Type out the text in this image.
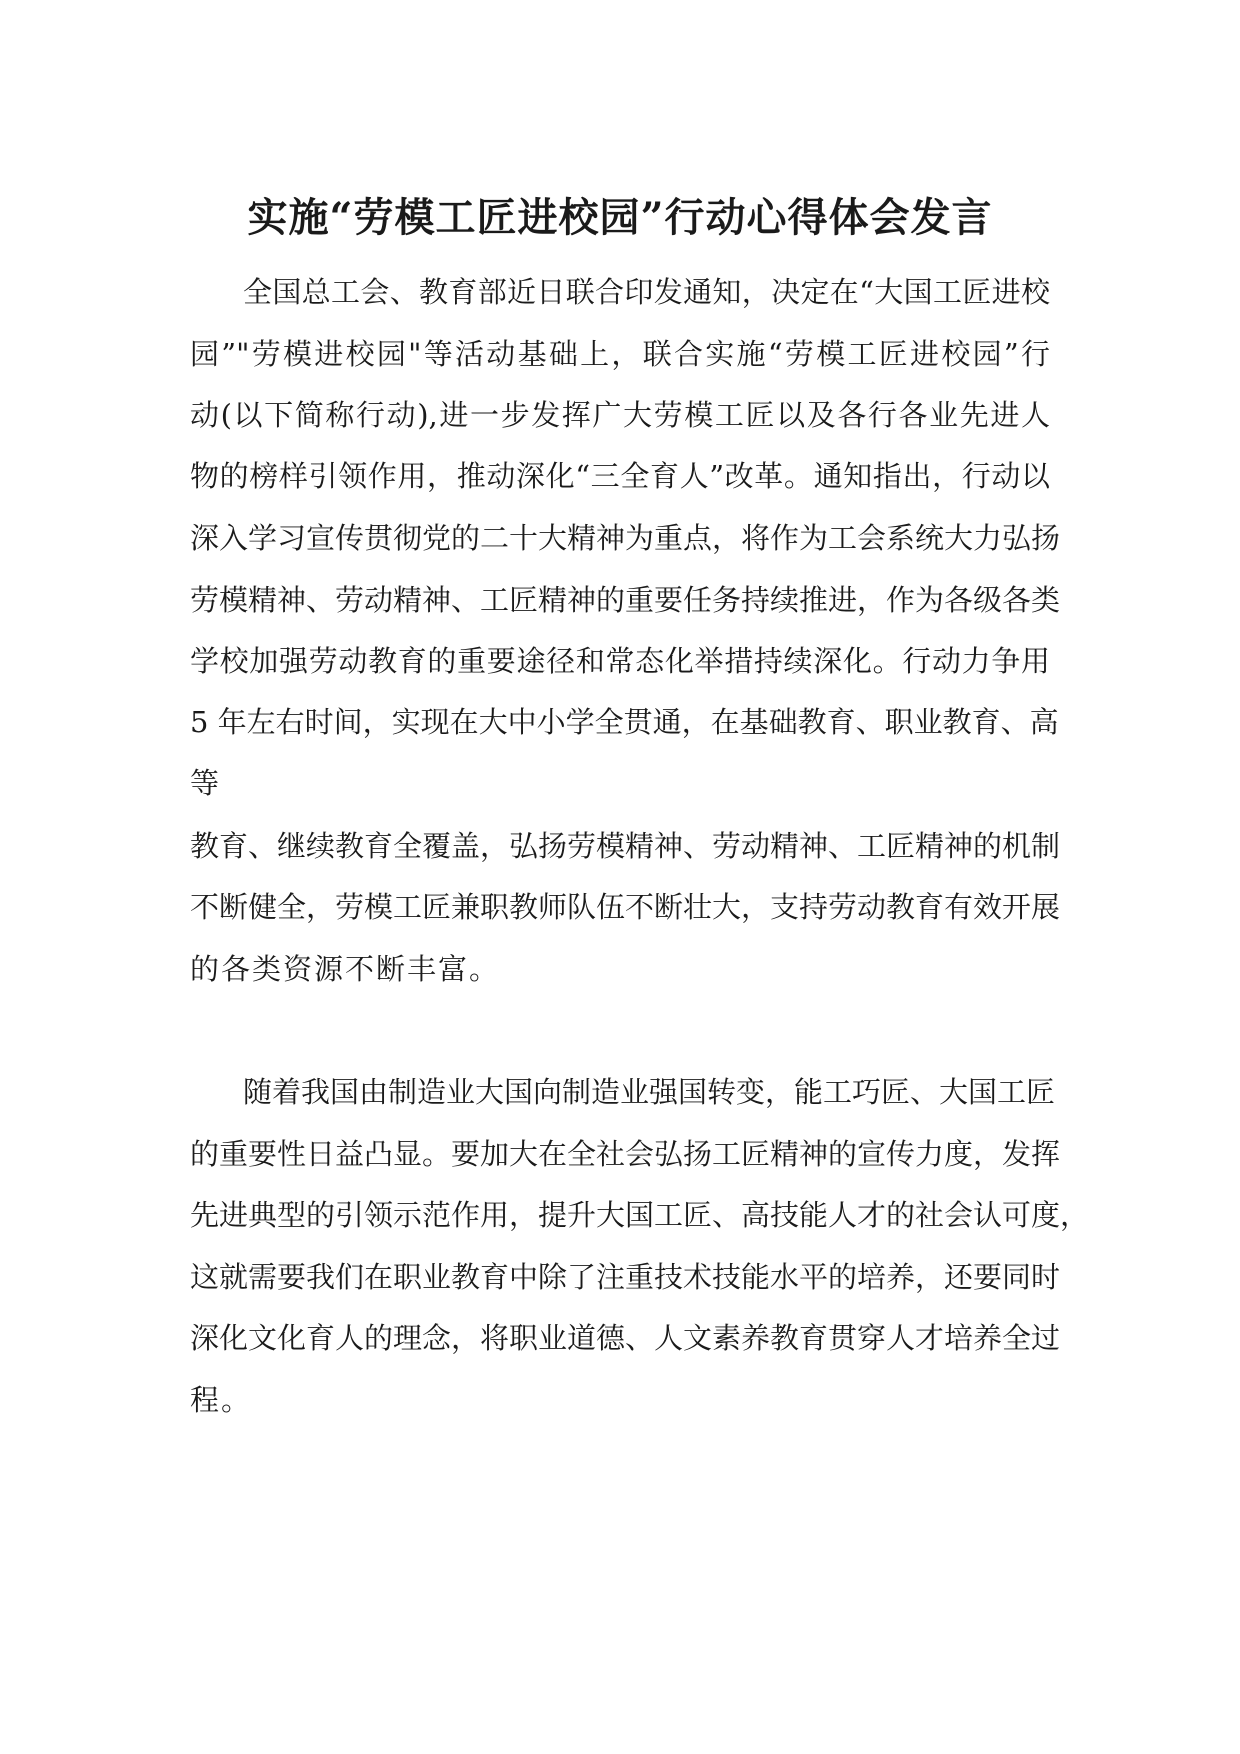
实施“劳模工匠进校园”行动心得体会发言

全国总工会、教育部近日联合印发通知，决定在“大国工匠进校

园”"劳模进校园"等活动基础上，联合实施“劳模工匠进校园”行

动(以下简称行动),进一步发挥广大劳模工匠以及各行各业先进人

物的榜样引领作用，推动深化“三全育人”改革。通知指出，行动以

深入学习宣传贯彻党的二十大精神为重点，将作为工会系统大力弘扬

劳模精神、劳动精神、工匠精神的重要任务持续推进，作为各级各类

学校加强劳动教育的重要途径和常态化举措持续深化。行动力争用

5 年左右时间，实现在大中小学全贯通，在基础教育、职业教育、高

等

教育、继续教育全覆盖，弘扬劳模精神、劳动精神、工匠精神的机制

不断健全，劳模工匠兼职教师队伍不断壮大，支持劳动教育有效开展

的各类资源不断丰富。

随着我国由制造业大国向制造业强国转变，能工巧匠、大国工匠

的重要性日益凸显。要加大在全社会弘扬工匠精神的宣传力度，发挥

先进典型的引领示范作用，提升大国工匠、高技能人才的社会认可度，

这就需要我们在职业教育中除了注重技术技能水平的培养，还要同时

深化文化育人的理念，将职业道德、人文素养教育贯穿人才培养全过

程。
